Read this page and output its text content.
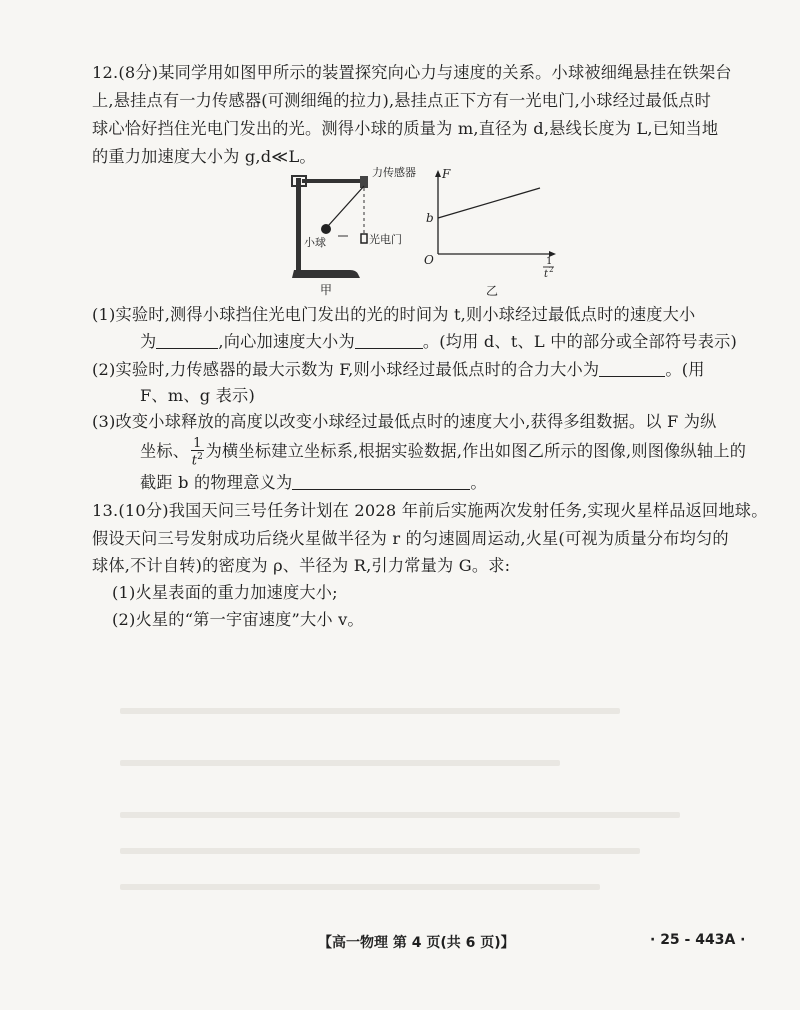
12.(8分)某同学用如图甲所示的装置探究向心力与速度的关系。小球被细绳悬挂在铁架台
上,悬挂点有一力传感器(可测细绳的拉力),悬挂点正下方有一光电门,小球经过最低点时
球心恰好挡住光电门发出的光。测得小球的质量为 m,直径为 d,悬线长度为 L,已知当地
的重力加速度大小为 g,d≪L。
力传感器
小球	光电门
甲
F
O
b
1
t 2
乙
(1)实验时,测得小球挡住光电门发出的光的时间为 t,则小球经过最低点时的速度大小
为	,向心加速度大小为	。(均用 d、t、L 中的部分或全部符号表示)
(2)实验时,力传感器的最大示数为 F,则小球经过最低点时的合力大小为	。(用
F、m、g 表示)
(3)改变小球释放的高度以改变小球经过最低点时的速度大小,获得多组数据。以 F 为纵
坐标、 $\frac{1}{t^2}$ 为横坐标建立坐标系,根据实验数据,作出如图乙所示的图像,则图像纵轴上的
截距 b 的物理意义为	。
13.(10分)我国天问三号任务计划在 2028 年前后实施两次发射任务,实现火星样品返回地球。
假设天问三号发射成功后绕火星做半径为 r 的匀速圆周运动,火星(可视为质量分布均匀的
球体,不计自转)的密度为 ρ、半径为 R,引力常量为 G。求:
(1)火星表面的重力加速度大小;
(2)火星的“第一宇宙速度”大小 v。
【高一物理 第 4 页(共 6 页)】	· 25 - 443A ·
